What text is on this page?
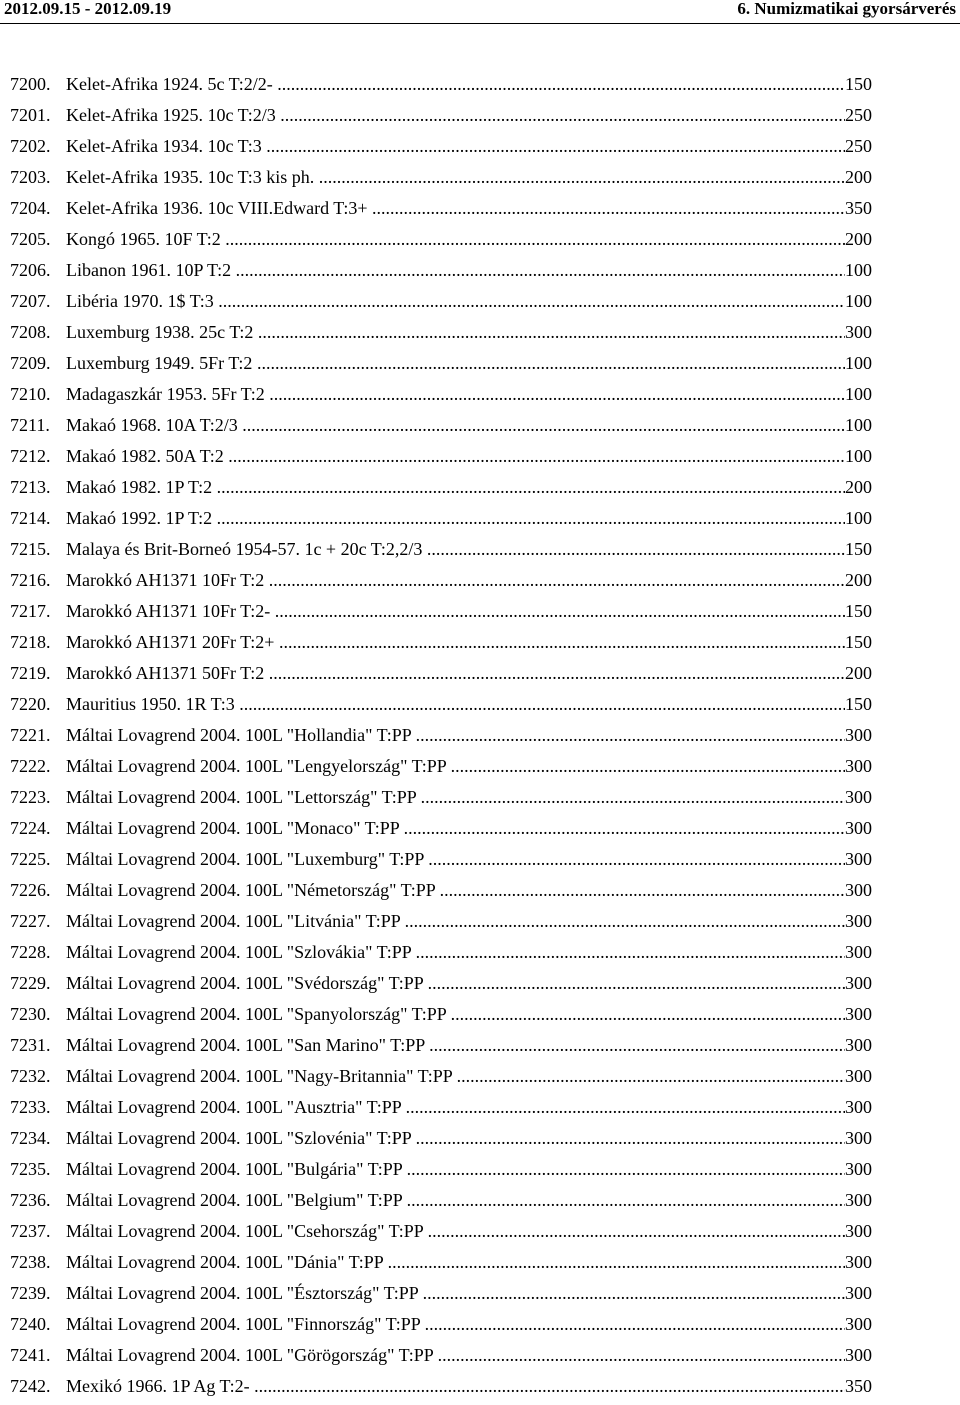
2012.09.15 - 2012.09.19	6. Numizmatikai gyorsárverés
7200. Kelet-Afrika 1924. 5c T:2/2- .....	150
7201. Kelet-Afrika 1925. 10c T:2/3 .....	250
7202. Kelet-Afrika 1934. 10c T:3 .....	250
7203. Kelet-Afrika 1935. 10c T:3 kis ph. .....	200
7204. Kelet-Afrika 1936. 10c VIII.Edward T:3+ .....	350
7205. Kongó 1965. 10F T:2 .....	200
7206. Libanon 1961. 10P T:2 .....	100
7207. Libéria 1970. 1$ T:3 .....	100
7208. Luxemburg 1938. 25c T:2 .....	300
7209. Luxemburg 1949. 5Fr T:2 .....	100
7210. Madagaszkár 1953. 5Fr T:2 .....	100
7211. Makaó 1968. 10A T:2/3 .....	100
7212. Makaó 1982. 50A T:2 .....	100
7213. Makaó 1982. 1P T:2 .....	200
7214. Makaó 1992. 1P T:2 .....	100
7215. Malaya és Brit-Borneó 1954-57. 1c + 20c T:2,2/3 .....	150
7216. Marokkó AH1371 10Fr T:2 .....	200
7217. Marokkó AH1371 10Fr T:2- .....	150
7218. Marokkó AH1371 20Fr T:2+ .....	150
7219. Marokkó AH1371 50Fr T:2 .....	200
7220. Mauritius 1950. 1R T:3 .....	150
7221. Máltai Lovagrend 2004. 100L "Hollandia" T:PP .....	300
7222. Máltai Lovagrend 2004. 100L "Lengyelország" T:PP .....	300
7223. Máltai Lovagrend 2004. 100L "Lettország" T:PP .....	300
7224. Máltai Lovagrend 2004. 100L "Monaco" T:PP .....	300
7225. Máltai Lovagrend 2004. 100L "Luxemburg" T:PP .....	300
7226. Máltai Lovagrend 2004. 100L "Németország" T:PP .....	300
7227. Máltai Lovagrend 2004. 100L "Litvánia" T:PP .....	300
7228. Máltai Lovagrend 2004. 100L "Szlovákia" T:PP .....	300
7229. Máltai Lovagrend 2004. 100L "Svédország" T:PP .....	300
7230. Máltai Lovagrend 2004. 100L "Spanyolország" T:PP .....	300
7231. Máltai Lovagrend 2004. 100L "San Marino" T:PP .....	300
7232. Máltai Lovagrend 2004. 100L "Nagy-Britannia" T:PP .....	300
7233. Máltai Lovagrend 2004. 100L "Ausztria" T:PP .....	300
7234. Máltai Lovagrend 2004. 100L "Szlovénia" T:PP .....	300
7235. Máltai Lovagrend 2004. 100L "Bulgária" T:PP .....	300
7236. Máltai Lovagrend 2004. 100L "Belgium" T:PP .....	300
7237. Máltai Lovagrend 2004. 100L "Csehország" T:PP .....	300
7238. Máltai Lovagrend 2004. 100L "Dánia" T:PP .....	300
7239. Máltai Lovagrend 2004. 100L "Észtország" T:PP .....	300
7240. Máltai Lovagrend 2004. 100L "Finnország" T:PP .....	300
7241. Máltai Lovagrend 2004. 100L "Görögország" T:PP .....	300
7242. Mexikó 1966. 1P Ag T:2- .....	350
